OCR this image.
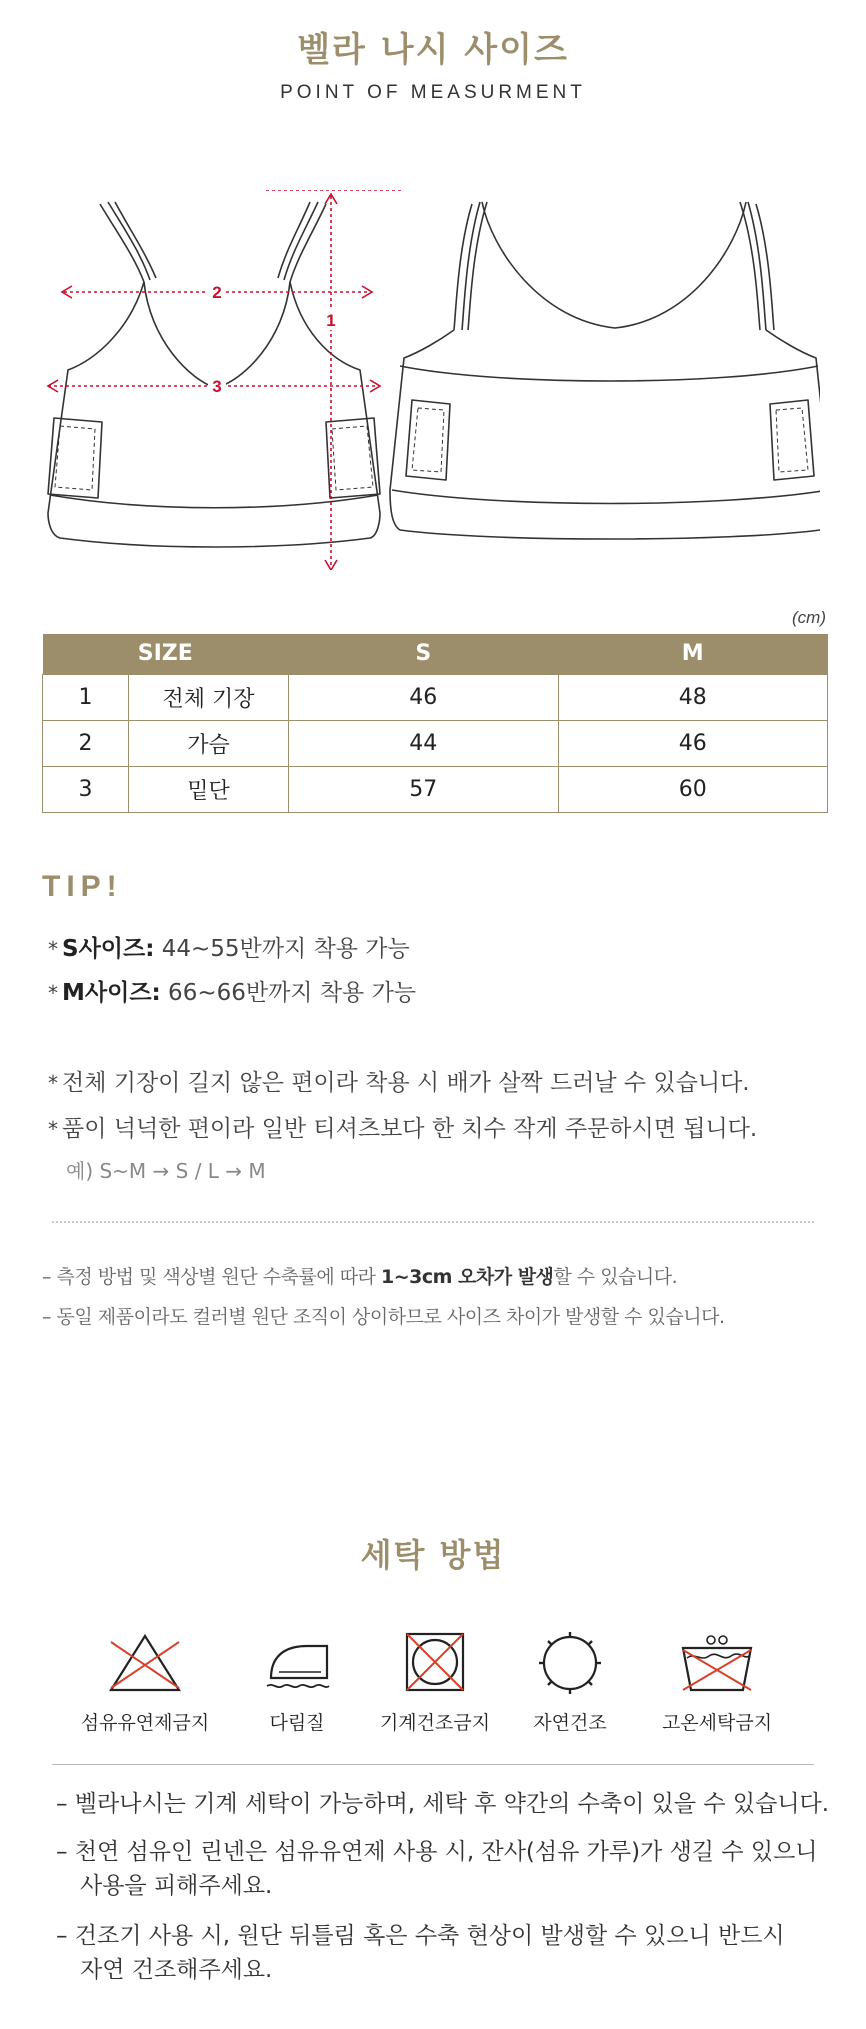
벨라 나시 사이즈
POINT OF MEASURMENT
1
2
3
(cm)
SIZE		S	M
1	전체 기장	46	48
2	가슴	44	46
3	밑단	57	60
TIP!
* S사이즈: 44~55반까지 착용 가능
* M사이즈: 66~66반까지 착용 가능
* 전체 기장이 길지 않은 편이라 착용 시 배가 살짝 드러날 수 있습니다.
* 품이 넉넉한 편이라 일반 티셔츠보다 한 치수 작게 주문하시면 됩니다.
예) S~M → S / L → M
– 측정 방법 및 색상별 원단 수축률에 따라 1~3cm 오차가 발생할 수 있습니다.
– 동일 제품이라도 컬러별 원단 조직이 상이하므로 사이즈 차이가 발생할 수 있습니다.
세탁 방법
섬유유연제금지	다림질	기계건조금지	자연건조	고온세탁금지
– 벨라나시는 기계 세탁이 가능하며, 세탁 후 약간의 수축이 있을 수 있습니다.
– 천연 섬유인 린넨은 섬유유연제 사용 시, 잔사(섬유 가루)가 생길 수 있으니
사용을 피해주세요.
– 건조기 사용 시, 원단 뒤틀림 혹은 수축 현상이 발생할 수 있으니 반드시
자연 건조해주세요.
